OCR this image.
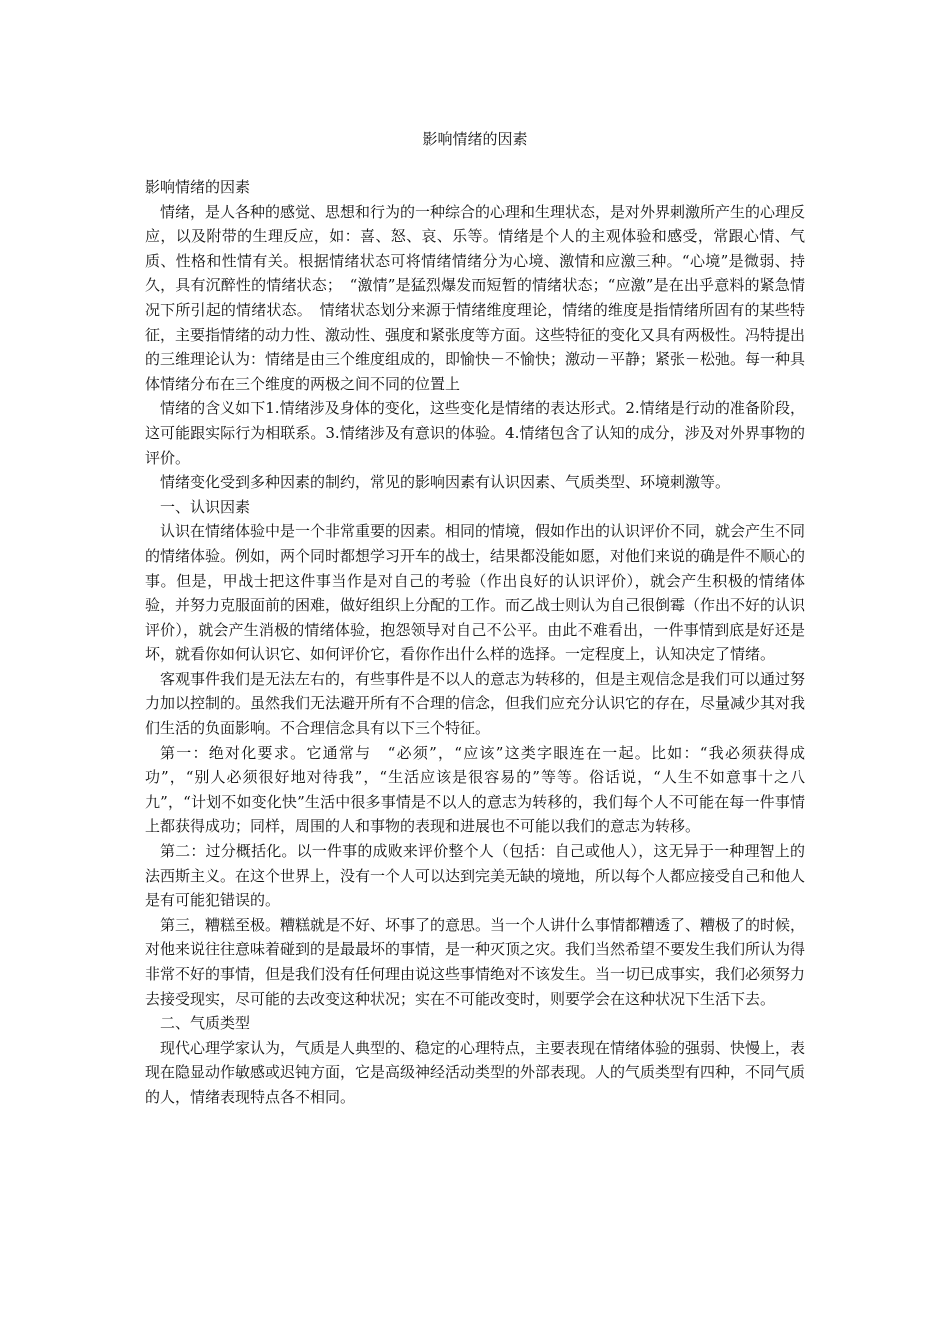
影响情绪的因素

影响情绪的因素

情绪，是人各种的感觉、思想和行为的一种综合的心理和生理状态，是对外界刺激所产生的心理反应，以及附带的生理反应，如：喜、怒、哀、乐等。情绪是个人的主观体验和感受，常跟心情、气质、性格和性情有关。根据情绪状态可将情绪情绪分为心境、激情和应激三种。“心境”是微弱、持久，具有沉醉性的情绪状态；　“激情”是猛烈爆发而短暂的情绪状态；“应激”是在出乎意料的紧急情况下所引起的情绪状态。　情绪状态划分来源于情绪维度理论，情绪的维度是指情绪所固有的某些特征，主要指情绪的动力性、激动性、强度和紧张度等方面。这些特征的变化又具有两极性。冯特提出的三维理论认为：情绪是由三个维度组成的，即愉快－不愉快；激动－平静；紧张－松弛。每一种具体情绪分布在三个维度的两极之间不同的位置上

情绪的含义如下1.情绪涉及身体的变化，这些变化是情绪的表达形式。2.情绪是行动的准备阶段，这可能跟实际行为相联系。3.情绪涉及有意识的体验。4.情绪包含了认知的成分，涉及对外界事物的评价。

情绪变化受到多种因素的制约，常见的影响因素有认识因素、气质类型、环境刺激等。

一、认识因素

认识在情绪体验中是一个非常重要的因素。相同的情境，假如作出的认识评价不同，就会产生不同的情绪体验。例如，两个同时都想学习开车的战士，结果都没能如愿，对他们来说的确是件不顺心的事。但是，甲战士把这件事当作是对自己的考验（作出良好的认识评价），就会产生积极的情绪体验，并努力克服面前的困难，做好组织上分配的工作。而乙战士则认为自己很倒霉（作出不好的认识评价），就会产生消极的情绪体验，抱怨领导对自己不公平。由此不难看出，一件事情到底是好还是坏，就看你如何认识它、如何评价它，看你作出什么样的选择。一定程度上，认知决定了情绪。

客观事件我们是无法左右的，有些事件是不以人的意志为转移的，但是主观信念是我们可以通过努力加以控制的。虽然我们无法避开所有不合理的信念，但我们应充分认识它的存在，尽量减少其对我们生活的负面影响。不合理信念具有以下三个特征。

第一：绝对化要求。它通常与　“必须”，“应该”这类字眼连在一起。比如：“我必须获得成功”，“别人必须很好地对待我”，“生活应该是很容易的”等等。俗话说，“人生不如意事十之八九”，“计划不如变化快”生活中很多事情是不以人的意志为转移的，我们每个人不可能在每一件事情上都获得成功；同样，周围的人和事物的表现和进展也不可能以我们的意志为转移。

第二：过分概括化。以一件事的成败来评价整个人（包括：自己或他人），这无异于一种理智上的法西斯主义。在这个世界上，没有一个人可以达到完美无缺的境地，所以每个人都应接受自己和他人是有可能犯错误的。

第三，糟糕至极。糟糕就是不好、坏事了的意思。当一个人讲什么事情都糟透了、糟极了的时候，对他来说往往意味着碰到的是最最坏的事情，是一种灭顶之灾。我们当然希望不要发生我们所认为得非常不好的事情，但是我们没有任何理由说这些事情绝对不该发生。当一切已成事实，我们必须努力去接受现实，尽可能的去改变这种状况；实在不可能改变时，则要学会在这种状况下生活下去。

二、气质类型

现代心理学家认为，气质是人典型的、稳定的心理特点，主要表现在情绪体验的强弱、快慢上，表现在隐显动作敏感或迟钝方面，它是高级神经活动类型的外部表现。人的气质类型有四种，不同气质的人，情绪表现特点各不相同。
